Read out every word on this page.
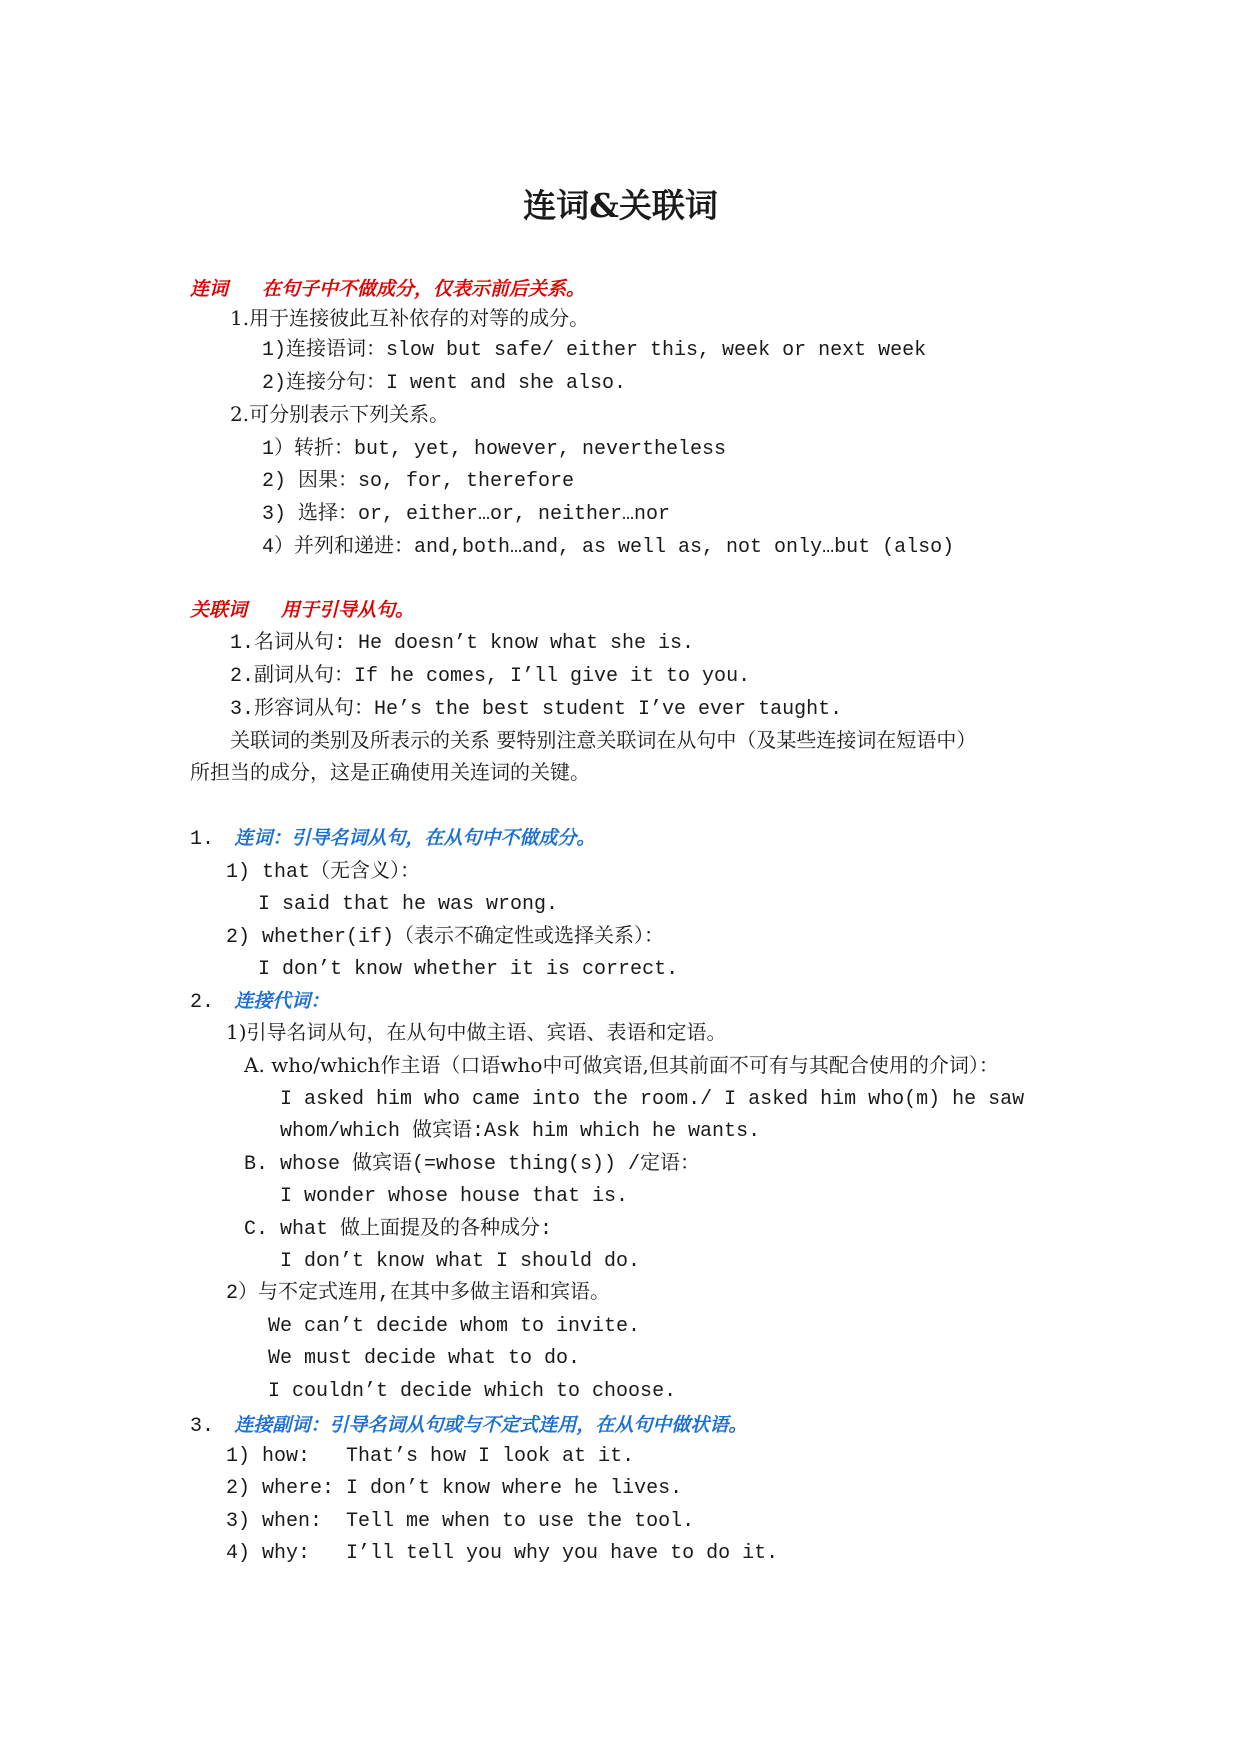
连词&关联词
连词 在句子中不做成分，仅表示前后关系。
1.用于连接彼此互补依存的对等的成分。
1)连接语词：slow but safe/ either this, week or next week
2)连接分句：I went and she also.
2.可分别表示下列关系。
1）转折：but, yet, however, nevertheless
2) 因果：so, for, therefore
3) 选择：or, either…or, neither…nor
4）并列和递进：and,both…and, as well as, not only…but (also)
关联词 用于引导从句。
1.名词从句: He doesn’t know what she is.
2.副词从句：If he comes, I’ll give it to you.
3.形容词从句：He’s the best student I’ve ever taught.
关联词的类别及所表示的关系 要特别注意关联词在从句中（及某些连接词在短语中）
所担当的成分，这是正确使用关连词的关键。
1. 连词：引导名词从句，在从句中不做成分。
1) that（无含义）：
I said that he was wrong.
2) whether(if)（表示不确定性或选择关系）：
I don’t know whether it is correct.
2. 连接代词：
1)引导名词从句，在从句中做主语、宾语、表语和定语。
A. who/which作主语（口语who中可做宾语,但其前面不可有与其配合使用的介词）：
I asked him who came into the room./ I asked him who(m) he saw
whom/which 做宾语:Ask him which he wants.
B. whose 做宾语(=whose thing(s)) /定语：
I wonder whose house that is.
C. what 做上面提及的各种成分:
I don’t know what I should do.
2）与不定式连用,在其中多做主语和宾语。
We can’t decide whom to invite.
We must decide what to do.
I couldn’t decide which to choose.
3. 连接副词：引导名词从句或与不定式连用，在从句中做状语。
1) how:   That’s how I look at it.
2) where: I don’t know where he lives.
3) when:  Tell me when to use the tool.
4) why:   I’ll tell you why you have to do it.
